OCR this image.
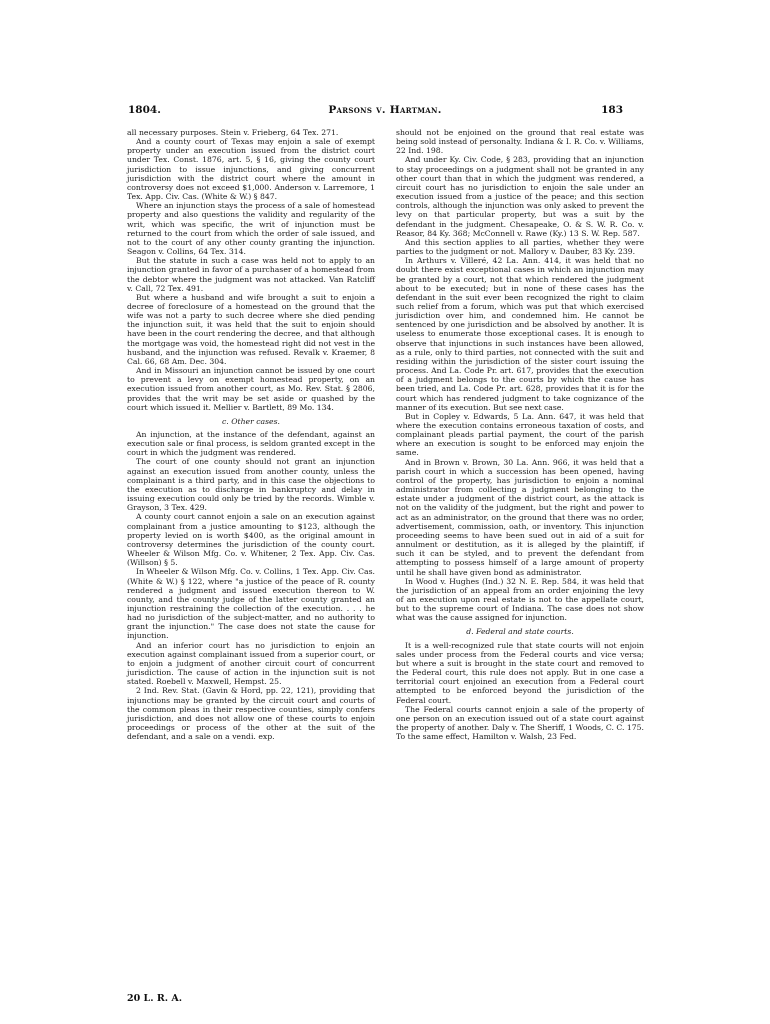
1804.	Parsons v. Hartman.	183

all necessary purposes. Stein v. Frieberg, 64 Tex. 271.

And a county court of Texas may enjoin a sale of exempt property under an execution issued from the district court under Tex. Const. 1876, art. 5, § 16, giving the county court jurisdiction to issue injunctions, and giving concurrent jurisdiction with the district court where the amount in controversy does not exceed $1,000. Anderson v. Larremore, 1 Tex. App. Civ. Cas. (White & W.) § 847.

Where an injunction stays the process of a sale of homestead property and also questions the validity and regularity of the writ, which was specific, the writ of injunction must be returned to the court from which the order of sale issued, and not to the court of any other county granting the injunction. Seagon v. Collins, 64 Tex. 314.

But the statute in such a case was held not to apply to an injunction granted in favor of a purchaser of a homestead from the debtor where the judgment was not attacked. Van Ratcliff v. Call, 72 Tex. 491.

But where a husband and wife brought a suit to enjoin a decree of foreclosure of a homestead on the ground that the wife was not a party to such decree where she died pending the injunction suit, it was held that the suit to enjoin should have been in the court rendering the decree, and that although the mortgage was void, the homestead right did not vest in the husband, and the injunction was refused. Revalk v. Kraemer, 8 Cal. 66, 68 Am. Dec. 304.

And in Missouri an injunction cannot be issued by one court to prevent a levy on exempt homestead property, on an execution issued from another court, as Mo. Rev. Stat. § 2806, provides that the writ may be set aside or quashed by the court which issued it. Mellier v. Bartlett, 89 Mo. 134.

c. Other cases.

An injunction, at the instance of the defendant, against an execution sale or final process, is seldom granted except in the court in which the judgment was rendered.

The court of one county should not grant an injunction against an execution issued from another county, unless the complainant is a third party, and in this case the objections to the execution as to discharge in bankruptcy and delay in issuing execution could only be tried by the records. Wimble v. Grayson, 3 Tex. 429.

A county court cannot enjoin a sale on an execution against complainant from a justice amounting to $123, although the property levied on is worth $400, as the original amount in controversy determines the jurisdiction of the county court. Wheeler & Wilson Mfg. Co. v. Whitener, 2 Tex. App. Civ. Cas. (Willson) § 5.

In Wheeler & Wilson Mfg. Co. v. Collins, 1 Tex. App. Civ. Cas. (White & W.) § 122, where "a justice of the peace of R. county rendered a judgment and issued execution thereon to W. county, and the county judge of the latter county granted an injunction restraining the collection of the execution. . . . he had no jurisdiction of the subject-matter, and no authority to grant the injunction." The case does not state the cause for injunction.

And an inferior court has no jurisdiction to enjoin an execution against complainant issued from a superior court, or to enjoin a judgment of another circuit court of concurrent jurisdiction. The cause of action in the injunction suit is not stated. Roebell v. Maxwell, Hempst. 25.

2 Ind. Rev. Stat. (Gavin & Hord, pp. 22, 121), providing that injunctions may be granted by the circuit court and courts of the common pleas in their respective counties, simply confers jurisdiction, and does not allow one of these courts to enjoin proceedings or process of the other at the suit of the defendant, and a sale on a vendi. exp.

should not be enjoined on the ground that real estate was being sold instead of personalty. Indiana & I. R. Co. v. Williams, 22 Ind. 198.

And under Ky. Civ. Code, § 283, providing that an injunction to stay proceedings on a judgment shall not be granted in any other court than that in which the judgment was rendered, a circuit court has no jurisdiction to enjoin the sale under an execution issued from a justice of the peace; and this section controls, although the injunction was only asked to prevent the levy on that particular property, but was a suit by the defendant in the judgment. Chesapeake, O. & S. W. R. Co. v. Reasor, 84 Ky. 368; McConnell v. Rawe (Ky.) 13 S. W. Rep. 587.

And this section applies to all parties, whether they were parties to the judgment or not. Mallory v. Dauber, 83 Ky. 239.

In Arthurs v. Villeré, 42 La. Ann. 414, it was held that no doubt there exist exceptional cases in which an injunction may be granted by a court, not that which rendered the judgment about to be executed; but in none of these cases has the defendant in the suit ever been recognized the right to claim such relief from a forum, which was put that which exercised jurisdiction over him, and condemned him. He cannot be sentenced by one jurisdiction and be absolved by another. It is useless to enumerate those exceptional cases. It is enough to observe that injunctions in such instances have been allowed, as a rule, only to third parties, not connected with the suit and residing within the jurisdiction of the sister court issuing the process. And La. Code Pr. art. 617, provides that the execution of a judgment belongs to the courts by which the cause has been tried, and La. Code Pr. art. 628, provides that it is for the court which has rendered judgment to take cognizance of the manner of its execution. But see next case.

But in Copley v. Edwards, 5 La. Ann. 647, it was held that where the execution contains erroneous taxation of costs, and complainant pleads partial payment, the court of the parish where an execution is sought to be enforced may enjoin the same.

And in Brown v. Brown, 30 La. Ann. 966, it was held that a parish court in which a succession has been opened, having control of the property, has jurisdiction to enjoin a nominal administrator from collecting a judgment belonging to the estate under a judgment of the district court, as the attack is not on the validity of the judgment, but the right and power to act as an administrator, on the ground that there was no order, advertisement, commission, oath, or inventory. This injunction proceeding seems to have been sued out in aid of a suit for annulment or destitution, as it is alleged by the plaintiff, if such it can be styled, and to prevent the defendant from attempting to possess himself of a large amount of property until he shall have given bond as administrator.

In Wood v. Hughes (Ind.) 32 N. E. Rep. 584, it was held that the jurisdiction of an appeal from an order enjoining the levy of an execution upon real estate is not to the appellate court, but to the supreme court of Indiana. The case does not show what was the cause assigned for injunction.

d. Federal and state courts.

It is a well-recognized rule that state courts will not enjoin sales under process from the Federal courts and vice versa; but where a suit is brought in the state court and removed to the Federal court, this rule does not apply. But in one case a territorial court enjoined an execution from a Federal court attempted to be enforced beyond the jurisdiction of the Federal court.

The Federal courts cannot enjoin a sale of the property of one person on an execution issued out of a state court against the property of another. Daly v. The Sheriff, 1 Woods, C. C. 175. To the same effect, Hamilton v. Walsh, 23 Fed.

20 L. R. A.
